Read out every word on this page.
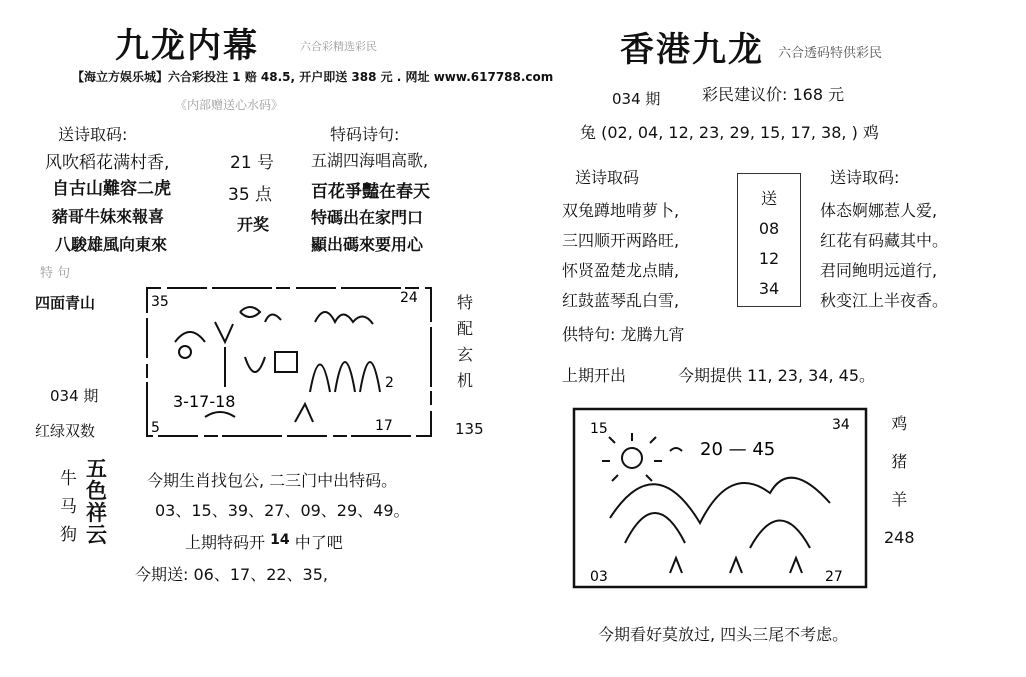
九龙内幕	六合彩精选彩民
【海立方娱乐城】六合彩投注 1 赔 48.5, 开户即送 388 元 . 网址 www.617788.com
《内部赠送心水码》
送诗取码:	特码诗句:
风吹稻花满村香,
自古山難容二虎
豬哥牛妹來報喜
八駿雄風向東來
21 号
35 点
开奖
五湖四海唱高歌,
百花爭豔在春天
特碼出在家門口
顯出碼來要用心
特 句
四面青山
034 期
红绿双数
35	24
5
3-17-18
2
17
特
配
玄
机
135
牛
马
狗
五
色
祥
云
今期生肖找包公, 二三门中出特码。
03、15、39、27、09、29、49。
上期特码开 14 中了吧
今期送: 06、17、22、35,
香港九龙 六合透码特供彩民
034 期	彩民建议价: 168 元
兔 (02, 04, 12, 23, 29, 15, 17, 38, ) 鸡
送诗取码	送诗取码:
双兔蹲地啃萝卜,
三四顺开两路旺,
怀贤盈楚龙点睛,
红鼓蓝琴乱白雪,
送
08
12
34
体态婀娜惹人爱,
红花有码藏其中。
君同鲍明远道行,
秋变江上半夜香。
供特句: 龙腾九宵
上期开出	今期提供 11, 23, 34, 45。
15	34
20 — 45
03	27
鸡
猪
羊
248
今期看好莫放过, 四头三尾不考虑。
